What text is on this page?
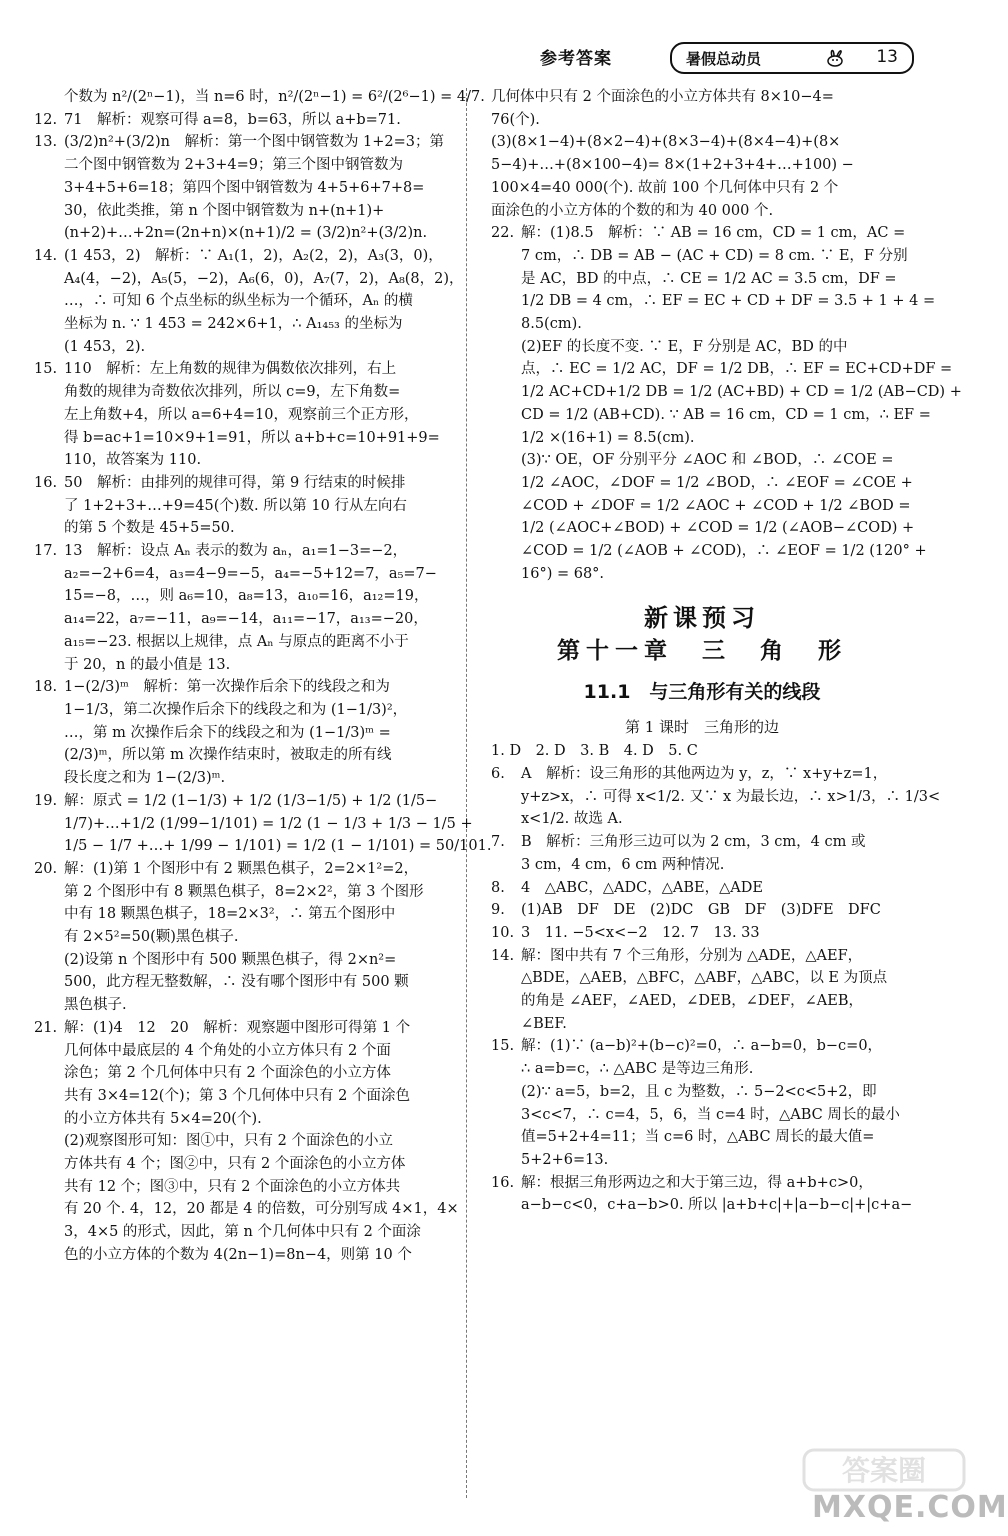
参考答案	暑假总动员	13
个数为 n²/(2ⁿ−1)，当 n=6 时，n²/(2ⁿ−1) = 6²/(2⁶−1) = 4/7.
12. 71　解析：观察可得 a=8，b=63，所以 a+b=71.
13. (3/2)n²+(3/2)n　解析：第一个图中钢管数为 1+2=3；第
二个图中钢管数为 2+3+4=9；第三个图中钢管数为
3+4+5+6=18；第四个图中钢管数为 4+5+6+7+8=
30，依此类推，第 n 个图中钢管数为 n+(n+1)+
(n+2)+…+2n=(2n+n)×(n+1)/2 = (3/2)n²+(3/2)n.
14. (1 453，2)　解析：∵ A₁(1，2)，A₂(2，2)，A₃(3，0)，
A₄(4，−2)，A₅(5，−2)，A₆(6，0)，A₇(7，2)，A₈(8，2)，
…，∴ 可知 6 个点坐标的纵坐标为一个循环，Aₙ 的横
坐标为 n. ∵ 1 453 = 242×6+1，∴ A₁₄₅₃ 的坐标为
(1 453，2).
15. 110　解析：左上角数的规律为偶数依次排列，右上
角数的规律为奇数依次排列，所以 c=9，左下角数=
左上角数+4，所以 a=6+4=10，观察前三个正方形，
得 b=ac+1=10×9+1=91，所以 a+b+c=10+91+9=
110，故答案为 110.
16. 50　解析：由排列的规律可得，第 9 行结束的时候排
了 1+2+3+…+9=45(个)数. 所以第 10 行从左向右
的第 5 个数是 45+5=50.
17. 13　解析：设点 Aₙ 表示的数为 aₙ，a₁=1−3=−2，
a₂=−2+6=4，a₃=4−9=−5，a₄=−5+12=7，a₅=7−
15=−8，…，则 a₆=10，a₈=13，a₁₀=16，a₁₂=19，
a₁₄=22，a₇=−11，a₉=−14，a₁₁=−17，a₁₃=−20，
a₁₅=−23. 根据以上规律，点 Aₙ 与原点的距离不小于
于 20，n 的最小值是 13.
18. 1−(2/3)ᵐ　解析：第一次操作后余下的线段之和为
1−1/3，第二次操作后余下的线段之和为 (1−1/3)²，
…，第 m 次操作后余下的线段之和为 (1−1/3)ᵐ =
(2/3)ᵐ，所以第 m 次操作结束时，被取走的所有线
段长度之和为 1−(2/3)ᵐ.
19. 解：原式 = 1/2 (1−1/3) + 1/2 (1/3−1/5) + 1/2 (1/5−
1/7)+…+1/2 (1/99−1/101) = 1/2 (1 − 1/3 + 1/3 − 1/5 +
1/5 − 1/7 +…+ 1/99 − 1/101) = 1/2 (1 − 1/101) = 50/101.
20. 解：(1)第 1 个图形中有 2 颗黑色棋子，2=2×1²=2，
第 2 个图形中有 8 颗黑色棋子，8=2×2²，第 3 个图形
中有 18 颗黑色棋子，18=2×3²，∴ 第五个图形中
有 2×5²=50(颗)黑色棋子.
(2)设第 n 个图形中有 500 颗黑色棋子，得 2×n²=
500，此方程无整数解，∴ 没有哪个图形中有 500 颗
黑色棋子.
21. 解：(1)4　12　20　解析：观察题中图形可得第 1 个
几何体中最底层的 4 个角处的小立方体只有 2 个面
涂色；第 2 个几何体中只有 2 个面涂色的小立方体
共有 3×4=12(个)；第 3 个几何体中只有 2 个面涂色
的小立方体共有 5×4=20(个).
(2)观察图形可知：图①中，只有 2 个面涂色的小立
方体共有 4 个；图②中，只有 2 个面涂色的小立方体
共有 12 个；图③中，只有 2 个面涂色的小立方体共
有 20 个. 4，12，20 都是 4 的倍数，可分别写成 4×1，4×
3，4×5 的形式，因此，第 n 个几何体中只有 2 个面涂
色的小立方体的个数为 4(2n−1)=8n−4，则第 10 个
几何体中只有 2 个面涂色的小立方体共有 8×10−4=
76(个).
(3)(8×1−4)+(8×2−4)+(8×3−4)+(8×4−4)+(8×
5−4)+…+(8×100−4)= 8×(1+2+3+4+…+100) −
100×4=40 000(个). 故前 100 个几何体中只有 2 个
面涂色的小立方体的个数的和为 40 000 个.
22. 解：(1)8.5　解析：∵ AB = 16 cm，CD = 1 cm，AC =
7 cm，∴ DB = AB − (AC + CD) = 8 cm. ∵ E，F 分别
是 AC，BD 的中点，∴ CE = 1/2 AC = 3.5 cm，DF =
1/2 DB = 4 cm，∴ EF = EC + CD + DF = 3.5 + 1 + 4 =
8.5(cm).
(2)EF 的长度不变. ∵ E，F 分别是 AC，BD 的中
点，∴ EC = 1/2 AC，DF = 1/2 DB，∴ EF = EC+CD+DF =
1/2 AC+CD+1/2 DB = 1/2 (AC+BD) + CD = 1/2 (AB−CD) +
CD = 1/2 (AB+CD). ∵ AB = 16 cm，CD = 1 cm，∴ EF =
1/2 ×(16+1) = 8.5(cm).
(3)∵ OE，OF 分别平分 ∠AOC 和 ∠BOD，∴ ∠COE =
1/2 ∠AOC，∠DOF = 1/2 ∠BOD，∴ ∠EOF = ∠COE +
∠COD + ∠DOF = 1/2 ∠AOC + ∠COD + 1/2 ∠BOD =
1/2 (∠AOC+∠BOD) + ∠COD = 1/2 (∠AOB−∠COD) +
∠COD = 1/2 (∠AOB + ∠COD)，∴ ∠EOF = 1/2 (120° +
16°) = 68°.
新课预习
第十一章　三　角　形
11.1　与三角形有关的线段
第 1 课时　三角形的边
1. D　2. D　3. B　4. D　5. C
6.	A　解析：设三角形的其他两边为 y，z，∵ x+y+z=1，
y+z>x，∴ 可得 x<1/2. 又∵ x 为最长边，∴ x>1/3，∴ 1/3<
x<1/2. 故选 A.
7.	B　解析：三角形三边可以为 2 cm，3 cm，4 cm 或
3 cm，4 cm，6 cm 两种情况.
8.	4　△ABC，△ADC，△ABE，△ADE
9.	(1)AB　DF　DE　(2)DC　GB　DF　(3)DFE　DFC
10. 3　11. −5<x<−2　12. 7　13. 33
14. 解：图中共有 7 个三角形，分别为 △ADE，△AEF，
△BDE，△AEB，△BFC，△ABF，△ABC，以 E 为顶点
的角是 ∠AEF，∠AED，∠DEB，∠DEF，∠AEB，
∠BEF.
15. 解：(1)∵ (a−b)²+(b−c)²=0，∴ a−b=0，b−c=0，
∴ a=b=c，∴ △ABC 是等边三角形.
(2)∵ a=5，b=2，且 c 为整数，∴ 5−2<c<5+2，即
3<c<7，∴ c=4，5，6，当 c=4 时，△ABC 周长的最小
值=5+2+4=11；当 c=6 时，△ABC 周长的最大值=
5+2+6=13.
16. 解：根据三角形两边之和大于第三边，得 a+b+c>0，
a−b−c<0，c+a−b>0. 所以 |a+b+c|+|a−b−c|+|c+a−
答案圈
MXQE.COM
